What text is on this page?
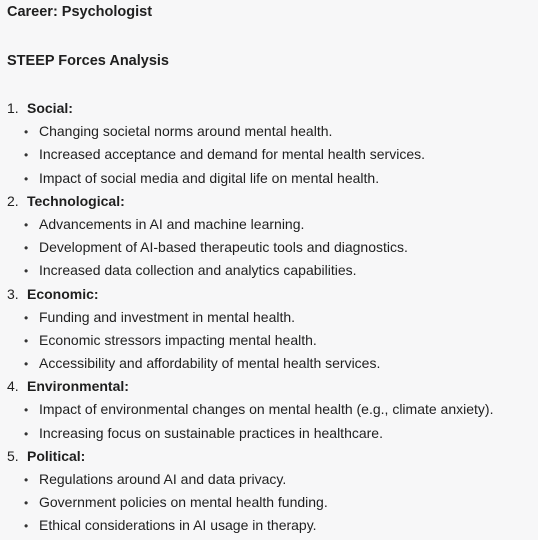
Career: Psychologist
STEEP Forces Analysis
1. Social:
• Changing societal norms around mental health.
• Increased acceptance and demand for mental health services.
• Impact of social media and digital life on mental health.
2. Technological:
• Advancements in AI and machine learning.
• Development of AI-based therapeutic tools and diagnostics.
• Increased data collection and analytics capabilities.
3. Economic:
• Funding and investment in mental health.
• Economic stressors impacting mental health.
• Accessibility and affordability of mental health services.
4. Environmental:
• Impact of environmental changes on mental health (e.g., climate anxiety).
• Increasing focus on sustainable practices in healthcare.
5. Political:
• Regulations around AI and data privacy.
• Government policies on mental health funding.
• Ethical considerations in AI usage in therapy.
